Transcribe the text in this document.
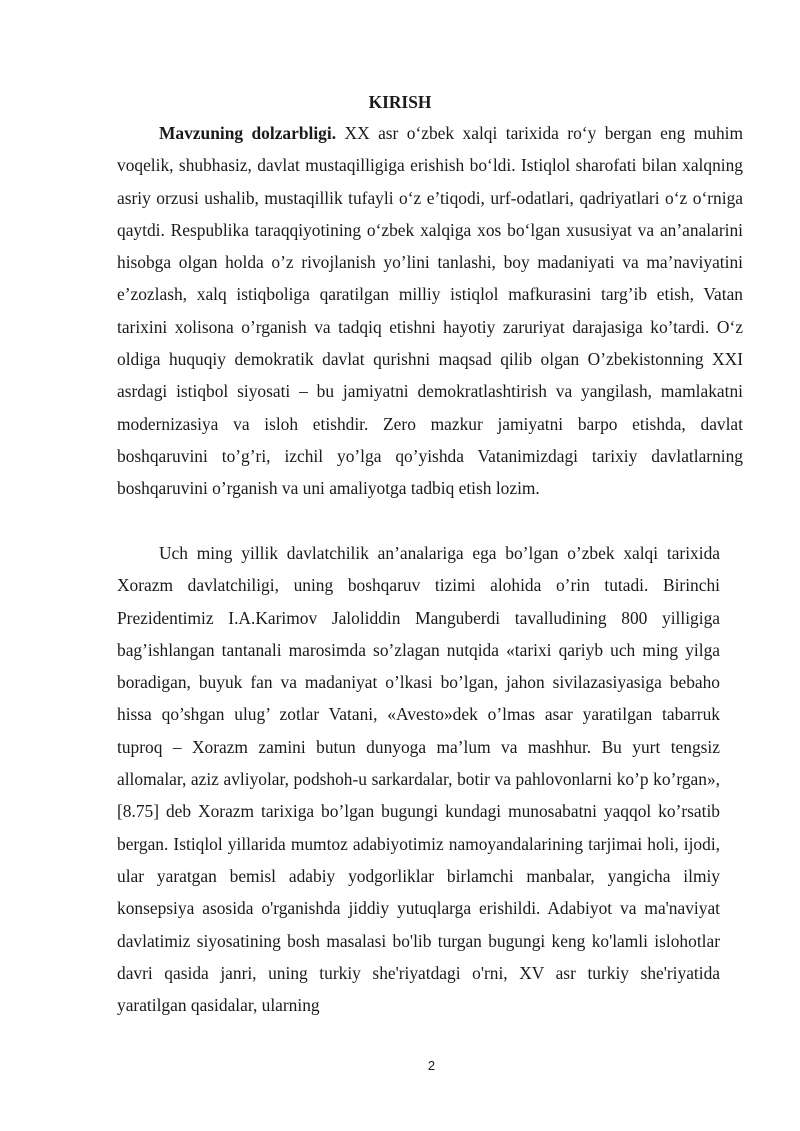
KIRISH

Mavzuning dolzarbligi. XX asr o‘zbek xalqi tarixida ro‘y bergan eng muhim voqelik, shubhasiz, davlat mustaqilligiga erishish bo‘ldi. Istiqlol sharofati bilan xalqning asriy orzusi ushalib, mustaqillik tufayli o‘z e’tiqodi, urf-odatlari, qadriyatlari o‘z o‘rniga qaytdi. Respublika taraqqiyotining o‘zbek xalqiga xos bo‘lgan xususiyat va an’analarini hisobga olgan holda o’z rivojlanish yo’lini tanlashi, boy madaniyati va ma’naviyatini e’zozlash, xalq istiqboliga qaratilgan milliy istiqlol mafkurasini targ’ib etish, Vatan tarixini xolisona o’rganish va tadqiq etishni hayotiy zaruriyat darajasiga ko’tardi. O‘z oldiga huquqiy demokratik davlat qurishni maqsad qilib olgan O’zbekistonning XXI asrdagi istiqbol siyosati – bu jamiyatni demokratlashtirish va yangilash, mamlakatni modernizasiya va isloh etishdir. Zero mazkur jamiyatni barpo etishda, davlat boshqaruvini to’g’ri, izchil yo’lga qo’yishda Vatanimizdagi tarixiy davlatlarning boshqaruvini o’rganish va uni amaliyotga tadbiq etish lozim.

Uch ming yillik davlatchilik an’analariga ega bo’lgan o’zbek xalqi tarixida Xorazm davlatchiligi, uning boshqaruv tizimi alohida o’rin tutadi. Birinchi Prezidentimiz I.A.Karimov Jaloliddin Manguberdi tavalludining 800 yilligiga bag’ishlangan tantanali marosimda so’zlagan nutqida «tarixi qariyb uch ming yilga boradigan, buyuk fan va madaniyat o’lkasi bo’lgan, jahon sivilazasiyasiga bebaho hissa qo’shgan ulug’ zotlar Vatani, «Avesto»dek o’lmas asar yaratilgan tabarruk tuproq – Xorazm zamini butun dunyoga ma’lum va mashhur. Bu yurt tengsiz allomalar, aziz avliyolar, podshoh-u sarkardalar, botir va pahlovonlarni ko’p ko’rgan», [8.75] deb Xorazm tarixiga bo’lgan bugungi kundagi munosabatni yaqqol ko’rsatib bergan. Istiqlol yillarida mumtoz adabiyotimiz namoyandalarining tarjimai holi, ijodi, ular yaratgan bemisl adabiy yodgorliklar birlamchi manbalar, yangicha ilmiy konsepsiya asosida o'rganishda jiddiy yutuqlarga erishildi. Adabiyot va ma'naviyat davlatimiz siyosatining bosh masalasi bo'lib turgan bugungi keng ko'lamli islohotlar davri qasida janri, uning turkiy she'riyatdagi o'rni, XV asr turkiy she'riyatida yaratilgan qasidalar, ularning

2
